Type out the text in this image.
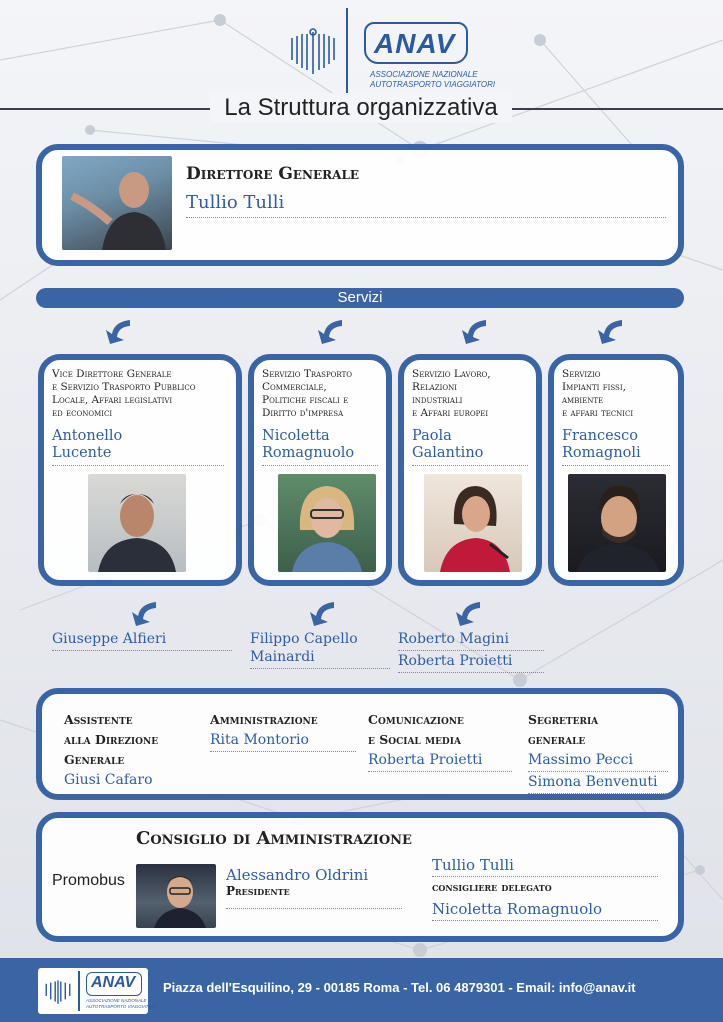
ANAV
ASSOCIAZIONE NAZIONALE
AUTOTRASPORTO VIAGGIATORI
La Struttura organizzativa
Direttore Generale
Tullio Tulli
Servizi
Vice Direttore Generale
e Servizio Trasporto Pubblico
Locale, Affari legislativi
ed economici
Antonello
Lucente
Servizio Trasporto
Commerciale,
Politiche fiscali e
Diritto d'impresa
Nicoletta
Romagnuolo
Servizio Lavoro,
Relazioni
industriali
e Affari europei
Paola
Galantino
Servizio
Impianti fissi,
ambiente
e affari tecnici
Francesco
Romagnoli
Giuseppe Alfieri	Filippo Capello
Mainardi
Roberto Magini
Roberta Proietti
Assistente
alla Direzione
Generale
Giusi Cafaro
Amministrazione
Rita Montorio
Comunicazione
e Social media
Roberta Proietti
Segreteria
generale
Massimo Pecci
Simona Benvenuti
Consiglio di Amministrazione
Promobus	Alessandro Oldrini
Presidente
Tullio Tulli
consigliere delegato
Nicoletta Romagnuolo
ANAV
ASSOCIAZIONE NAZIONALE
AUTOTRASPORTO VIAGGIATORI
Piazza dell'Esquilino, 29 - 00185 Roma - Tel. 06 4879301 - Email: info@anav.it
